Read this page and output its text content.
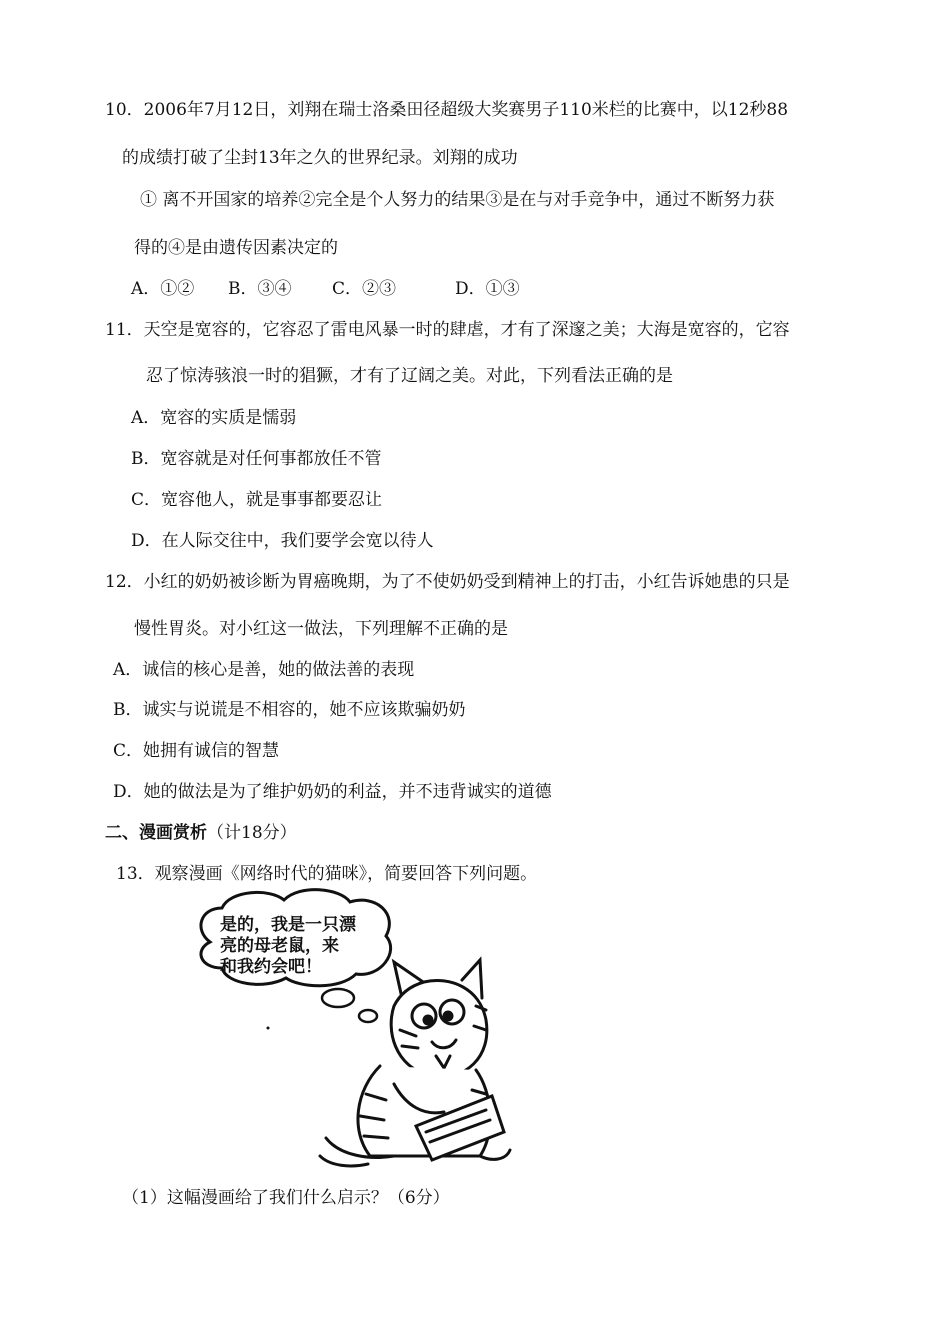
10．2006年7月12日，刘翔在瑞士洛桑田径超级大奖赛男子110米栏的比赛中，以12秒88
的成绩打破了尘封13年之久的世界纪录。刘翔的成功
① 离不开国家的培养②完全是个人努力的结果③是在与对手竞争中，通过不断努力获
得的④是由遗传因素决定的
A．①② B．③④ C．②③	D．①③
11．天空是宽容的，它容忍了雷电风暴一时的肆虐，才有了深邃之美；大海是宽容的，它容
忍了惊涛骇浪一时的猖獗，才有了辽阔之美。对此，下列看法正确的是
A．宽容的实质是懦弱
B．宽容就是对任何事都放任不管
C．宽容他人，就是事事都要忍让
D．在人际交往中，我们要学会宽以待人
12．小红的奶奶被诊断为胃癌晚期，为了不使奶奶受到精神上的打击，小红告诉她患的只是
慢性胃炎。对小红这一做法，下列理解不正确的是
A．诚信的核心是善，她的做法善的表现
B．诚实与说谎是不相容的，她不应该欺骗奶奶
C．她拥有诚信的智慧
D．她的做法是为了维护奶奶的利益，并不违背诚实的道德
二、漫画赏析（计18分）
13．观察漫画《网络时代的猫咪》，简要回答下列问题。
是的，我是一只漂
亮的母老鼠，来
和我约会吧！
（1）这幅漫画给了我们什么启示？（6分）
